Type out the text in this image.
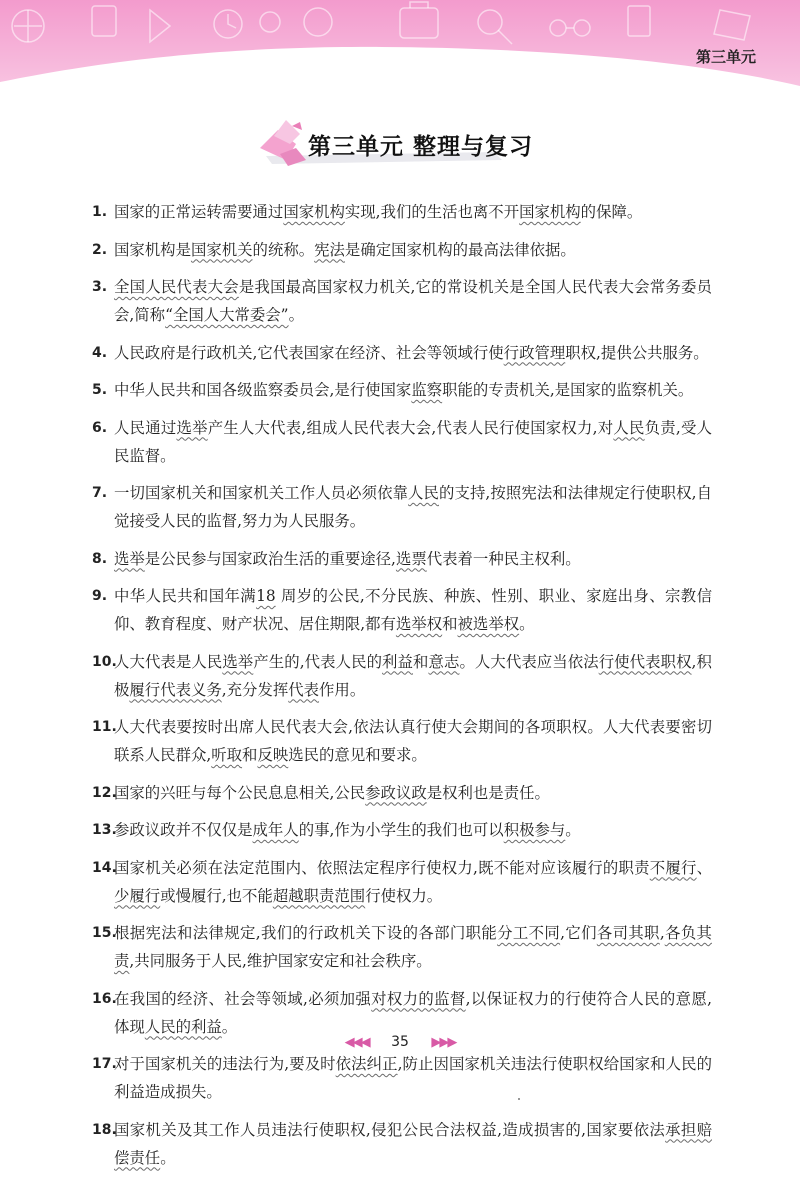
第三单元
第三单元 整理与复习
1. 国家的正常运转需要通过国家机构实现,我们的生活也离不开国家机构的保障。
2. 国家机构是国家机关的统称。宪法是确定国家机构的最高法律依据。
3. 全国人民代表大会是我国最高国家权力机关,它的常设机关是全国人民代表大会常务委员会,简称“全国人大常委会”。
4. 人民政府是行政机关,它代表国家在经济、社会等领域行使行政管理职权,提供公共服务。
5. 中华人民共和国各级监察委员会,是行使国家监察职能的专责机关,是国家的监察机关。
6. 人民通过选举产生人大代表,组成人民代表大会,代表人民行使国家权力,对人民负责,受人民监督。
7. 一切国家机关和国家机关工作人员必须依靠人民的支持,按照宪法和法律规定行使职权,自觉接受人民的监督,努力为人民服务。
8. 选举是公民参与国家政治生活的重要途径,选票代表着一种民主权利。
9. 中华人民共和国年满18 周岁的公民,不分民族、种族、性别、职业、家庭出身、宗教信仰、教育程度、财产状况、居住期限,都有选举权和被选举权。
10.
人大代表是人民选举产生的,代表人民的利益和意志。人大代表应当依法行使代表职权,积极履行代表义务,充分发挥代表作用。
11.
人大代表要按时出席人民代表大会,依法认真行使大会期间的各项职权。人大代表要密切联系人民群众,听取和反映选民的意见和要求。
12.
国家的兴旺与每个公民息息相关,公民参政议政是权利也是责任。
13.
参政议政并不仅仅是成年人的事,作为小学生的我们也可以积极参与。
14.
国家机关必须在法定范围内、依照法定程序行使权力,既不能对应该履行的职责不履行、少履行或慢履行,也不能超越职责范围行使权力。
15.
根据宪法和法律规定,我们的行政机关下设的各部门职能分工不同,它们各司其职,各负其责,共同服务于人民,维护国家安定和社会秩序。
16.
在我国的经济、社会等领域,必须加强对权力的监督,以保证权力的行使符合人民的意愿,体现人民的利益。
17.
对于国家机关的违法行为,要及时依法纠正,防止因国家机关违法行使职权给国家和人民的利益造成损失。
18.
国家机关及其工作人员违法行使职权,侵犯公民合法权益,造成损害的,国家要依法承担赔偿责任。
◀◀◀ 35 ▶▶▶
